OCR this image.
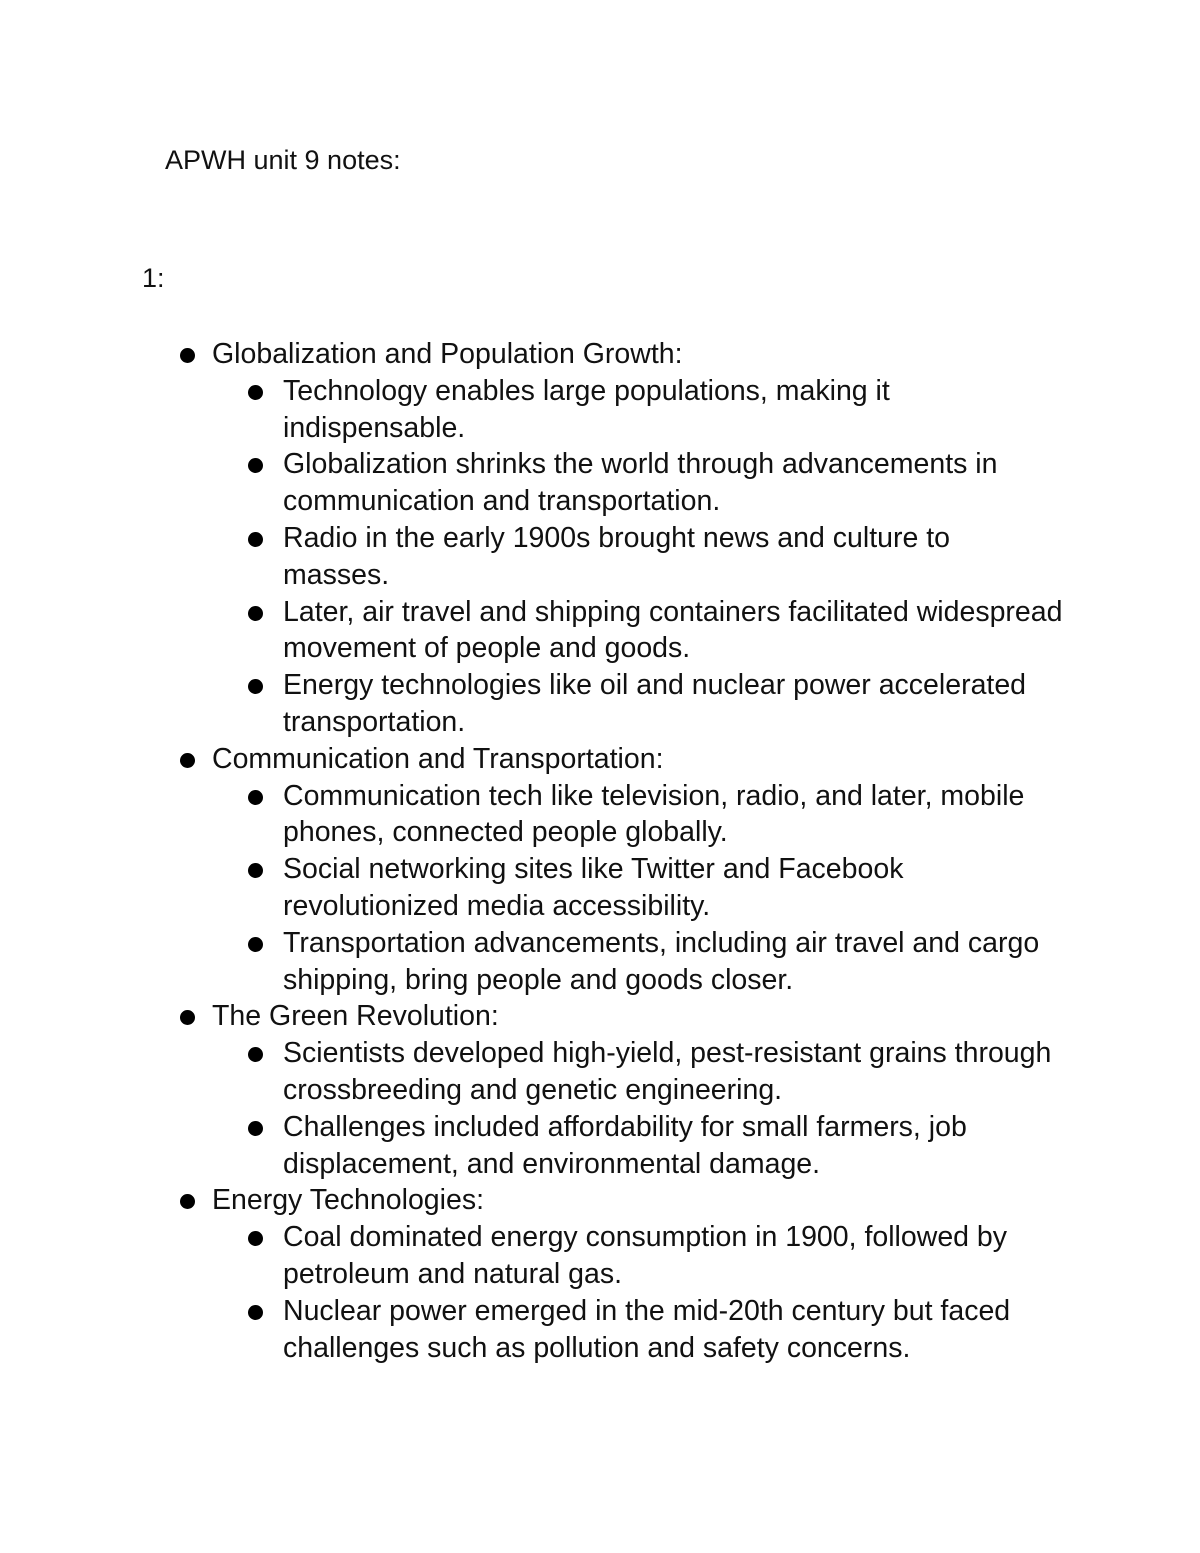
APWH unit 9 notes:
1:
Globalization and Population Growth:
Technology enables large populations, making it indispensable.
Globalization shrinks the world through advancements in communication and transportation.
Radio in the early 1900s brought news and culture to masses.
Later, air travel and shipping containers facilitated widespread movement of people and goods.
Energy technologies like oil and nuclear power accelerated transportation.
Communication and Transportation:
Communication tech like television, radio, and later, mobile phones, connected people globally.
Social networking sites like Twitter and Facebook revolutionized media accessibility.
Transportation advancements, including air travel and cargo shipping, bring people and goods closer.
The Green Revolution:
Scientists developed high-yield, pest-resistant grains through crossbreeding and genetic engineering.
Challenges included affordability for small farmers, job displacement, and environmental damage.
Energy Technologies:
Coal dominated energy consumption in 1900, followed by petroleum and natural gas.
Nuclear power emerged in the mid-20th century but faced challenges such as pollution and safety concerns.
